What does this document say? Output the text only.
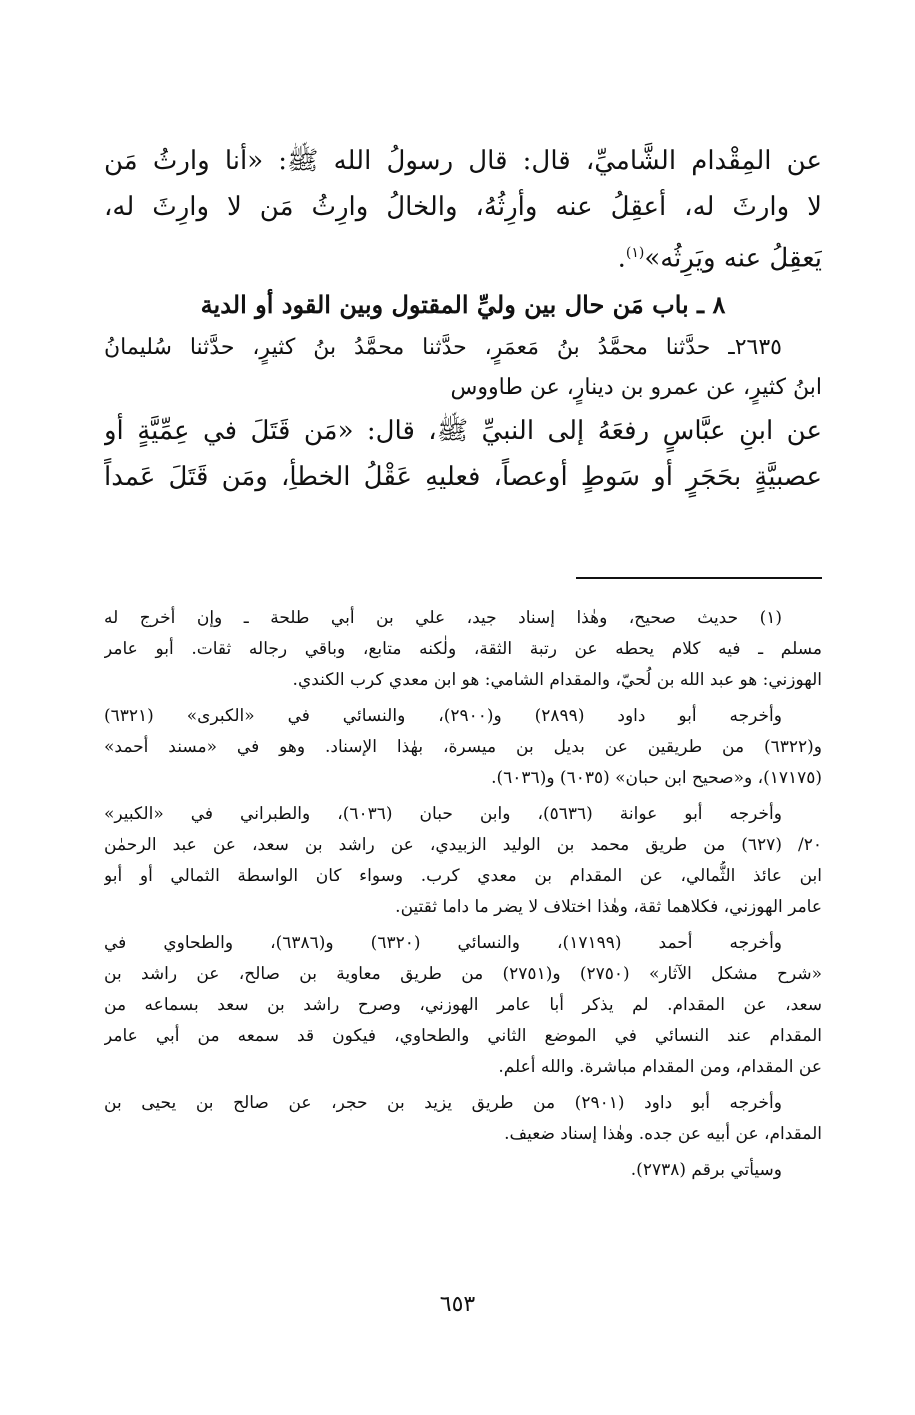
عن المِقْدام الشَّاميِّ، قال: قال رسولُ الله ﷺ: «أنا وارثُ مَن
لا وارثَ له، أعقِلُ عنه وأرِثُهُ، والخالُ وارِثُ مَن لا وارِثَ له،
يَعقِلُ عنه ويَرِثُه»$^{(١)}$.
٨ ـ باب مَن حال بين وليِّ المقتول وبين القود أو الدية
٢٦٣٥ـ حدَّثنا محمَّدُ بنُ مَعمَرٍ، حدَّثنا محمَّدُ بنُ كثيرٍ، حدَّثنا سُليمانُ
ابنُ كثيرٍ، عن عمرو بن دينارٍ، عن طاووس
عن ابنِ عبَّاسٍ رفعَهُ إلى النبيِّ ﷺ، قال: «مَن قَتَلَ في عِمِّيَّةٍ أو
عصبيَّةٍ بحَجَرٍ أو سَوطٍ أوعصاً، فعليهِ عَقْلُ الخطأِ، ومَن قَتَلَ عَمداً
(١) حديث صحيح، وهٰذا إسناد جيد، علي بن أبي طلحة ـ وإن أخرج له
مسلم ـ فيه كلام يحطه عن رتبة الثقة، ولٰكنه متابع، وباقي رجاله ثقات. أبو عامر
الهوزني: هو عبد الله بن لُحيّ، والمقدام الشامي: هو ابن معدي كرب الكندي.
وأخرجه أبو داود (٢٨٩٩) و(٢٩٠٠)، والنسائي في «الكبرى» (٦٣٢١)
و(٦٣٢٢) من طريقين عن بديل بن ميسرة، بهٰذا الإسناد. وهو في «مسند أحمد»
(١٧١٧٥)، و«صحيح ابن حبان» (٦٠٣٥) و(٦٠٣٦).
وأخرجه أبو عوانة (٥٦٣٦)، وابن حبان (٦٠٣٦)، والطبراني في «الكبير»
٢٠/ (٦٢٧) من طريق محمد بن الوليد الزبيدي، عن راشد بن سعد، عن عبد الرحمٰن
ابن عائذ الثُّمالي، عن المقدام بن معدي كرب. وسواء كان الواسطة الثمالي أو أبو
عامر الهوزني، فكلاهما ثقة، وهٰذا اختلاف لا يضر ما داما ثقتين.
وأخرجه أحمد (١٧١٩٩)، والنسائي (٦٣٢٠) و(٦٣٨٦)، والطحاوي في
«شرح مشكل الآثار» (٢٧٥٠) و(٢٧٥١) من طريق معاوية بن صالح، عن راشد بن
سعد، عن المقدام. لم يذكر أبا عامر الهوزني، وصرح راشد بن سعد بسماعه من
المقدام عند النسائي في الموضع الثاني والطحاوي، فيكون قد سمعه من أبي عامر
عن المقدام، ومن المقدام مباشرة. والله أعلم.
وأخرجه أبو داود (٢٩٠١) من طريق يزيد بن حجر، عن صالح بن يحيى بن
المقدام، عن أبيه عن جده. وهٰذا إسناد ضعيف.
وسيأتي برقم (٢٧٣٨).
٦٥٣
